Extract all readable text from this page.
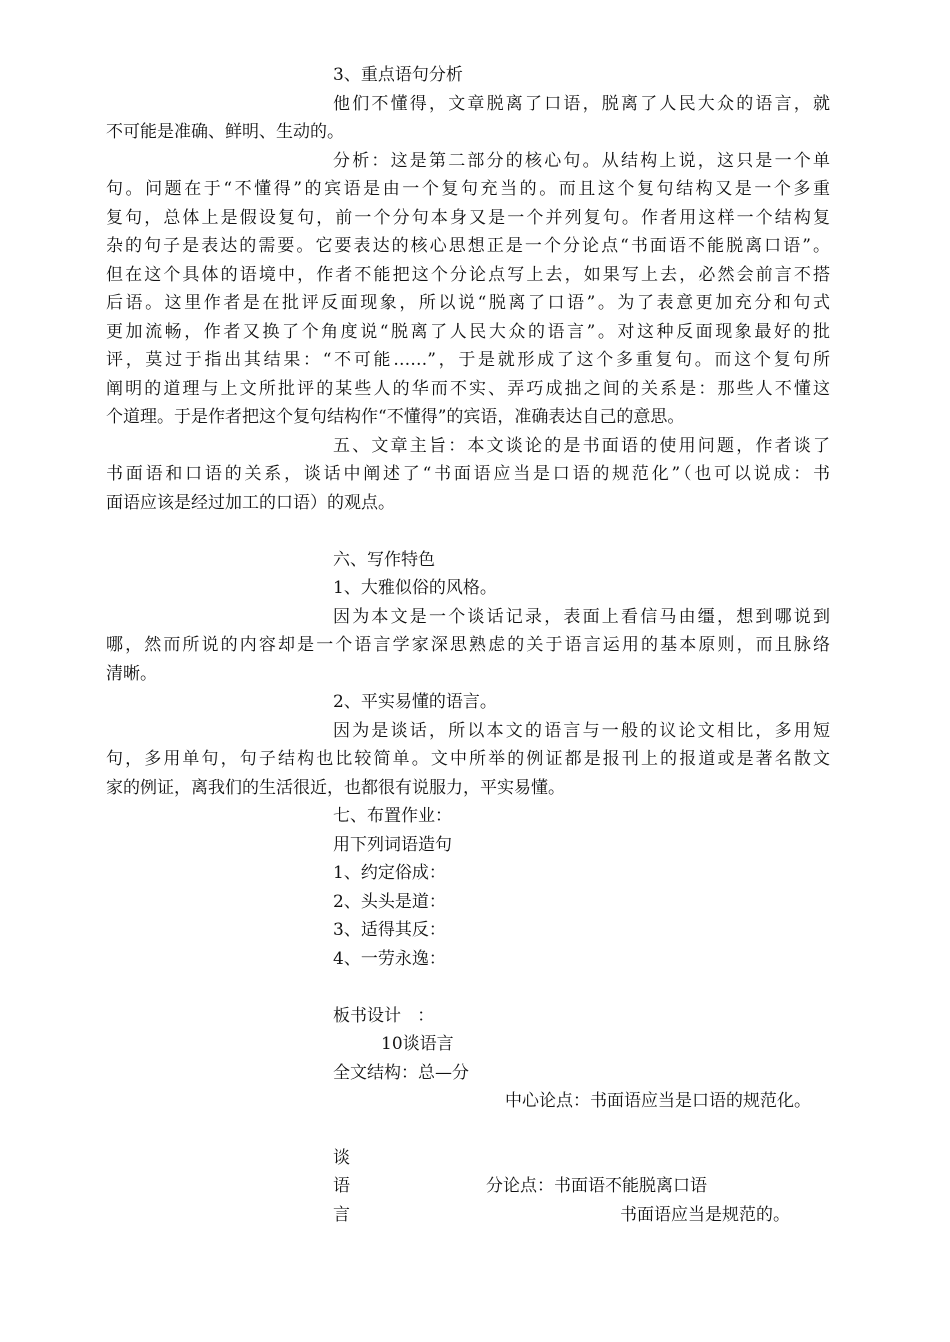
3、重点语句分析
他们不懂得，文章脱离了口语，脱离了人民大众的语言，就
不可能是准确、鲜明、生动的。
分析：这是第二部分的核心句。从结构上说，这只是一个单
句。问题在于“不懂得”的宾语是由一个复句充当的。而且这个复句结构又是一个多重
复句，总体上是假设复句，前一个分句本身又是一个并列复句。作者用这样一个结构复
杂的句子是表达的需要。它要表达的核心思想正是一个分论点“书面语不能脱离口语”。
但在这个具体的语境中，作者不能把这个分论点写上去，如果写上去，必然会前言不搭
后语。这里作者是在批评反面现象，所以说“脱离了口语”。为了表意更加充分和句式
更加流畅，作者又换了个角度说“脱离了人民大众的语言”。对这种反面现象最好的批
评，莫过于指出其结果：“不可能……”，于是就形成了这个多重复句。而这个复句所
阐明的道理与上文所批评的某些人的华而不实、弄巧成拙之间的关系是：那些人不懂这
个道理。于是作者把这个复句结构作“不懂得”的宾语，准确表达自己的意思。
五、文章主旨：本文谈论的是书面语的使用问题，作者谈了
书面语和口语的关系，谈话中阐述了“书面语应当是口语的规范化”（也可以说成：书
面语应该是经过加工的口语）的观点。
六、写作特色
1、大雅似俗的风格。
因为本文是一个谈话记录，表面上看信马由缰，想到哪说到
哪，然而所说的内容却是一个语言学家深思熟虑的关于语言运用的基本原则，而且脉络
清晰。
2、平实易懂的语言。
因为是谈话，所以本文的语言与一般的议论文相比，多用短
句，多用单句，句子结构也比较简单。文中所举的例证都是报刊上的报道或是著名散文
家的例证，离我们的生活很近，也都很有说服力，平实易懂。
七、布置作业：
用下列词语造句
1、约定俗成：
2、头头是道：
3、适得其反：
4、一劳永逸：
板书设计   ：
10谈语言
全文结构：总—分
中心论点：书面语应当是口语的规范化。
谈
语	分论点：书面语不能脱离口语
言	书面语应当是规范的。
